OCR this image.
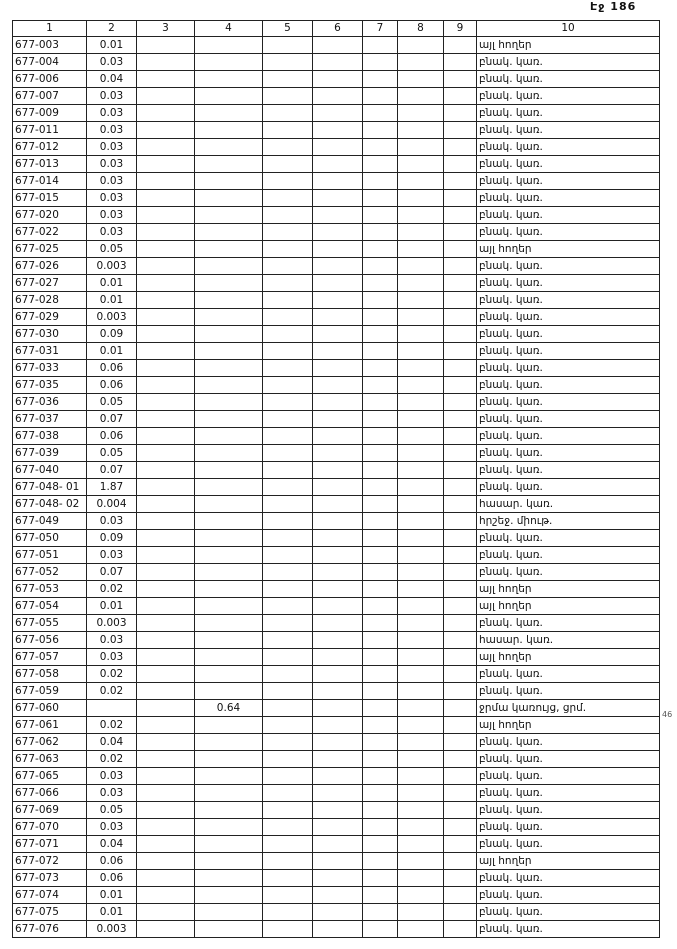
Էջ 186
46
1	2	3	4	5	6	7	8	9	10
677-003	0.01								այլ հողեր
677-004	0.03								բնակ. կառ.
677-006	0.04								բնակ. կառ.
677-007	0.03								բնակ. կառ.
677-009	0.03								բնակ. կառ.
677-011	0.03								բնակ. կառ.
677-012	0.03								բնակ. կառ.
677-013	0.03								բնակ. կառ.
677-014	0.03								բնակ. կառ.
677-015	0.03								բնակ. կառ.
677-020	0.03								բնակ. կառ.
677-022	0.03								բնակ. կառ.
677-025	0.05								այլ հողեր
677-026	0.003								բնակ. կառ.
677-027	0.01								բնակ. կառ.
677-028	0.01								բնակ. կառ.
677-029	0.003								բնակ. կառ.
677-030	0.09								բնակ. կառ.
677-031	0.01								բնակ. կառ.
677-033	0.06								բնակ. կառ.
677-035	0.06								բնակ. կառ.
677-036	0.05								բնակ. կառ.
677-037	0.07								բնակ. կառ.
677-038	0.06								բնակ. կառ.
677-039	0.05								բնակ. կառ.
677-040	0.07								բնակ. կառ.
677-048- 01	1.87								բնակ. կառ.
677-048- 02	0.004								հասար. կառ.
677-049	0.03								հրշեջ. միութ.
677-050	0.09								բնակ. կառ.
677-051	0.03								բնակ. կառ.
677-052	0.07								բնակ. կառ.
677-053	0.02								այլ հողեր
677-054	0.01								այլ հողեր
677-055	0.003								բնակ. կառ.
677-056	0.03								հասար. կառ.
677-057	0.03								այլ հողեր
677-058	0.02								բնակ. կառ.
677-059	0.02								բնակ. կառ.
677-060			0.64						ջրմա կառույց, ցրմ.
677-061	0.02								այլ հողեր
677-062	0.04								բնակ. կառ.
677-063	0.02								բնակ. կառ.
677-065	0.03								բնակ. կառ.
677-066	0.03								բնակ. կառ.
677-069	0.05								բնակ. կառ.
677-070	0.03								բնակ. կառ.
677-071	0.04								բնակ. կառ.
677-072	0.06								այլ հողեր
677-073	0.06								բնակ. կառ.
677-074	0.01								բնակ. կառ.
677-075	0.01								բնակ. կառ.
677-076	0.003								բնակ. կառ.
